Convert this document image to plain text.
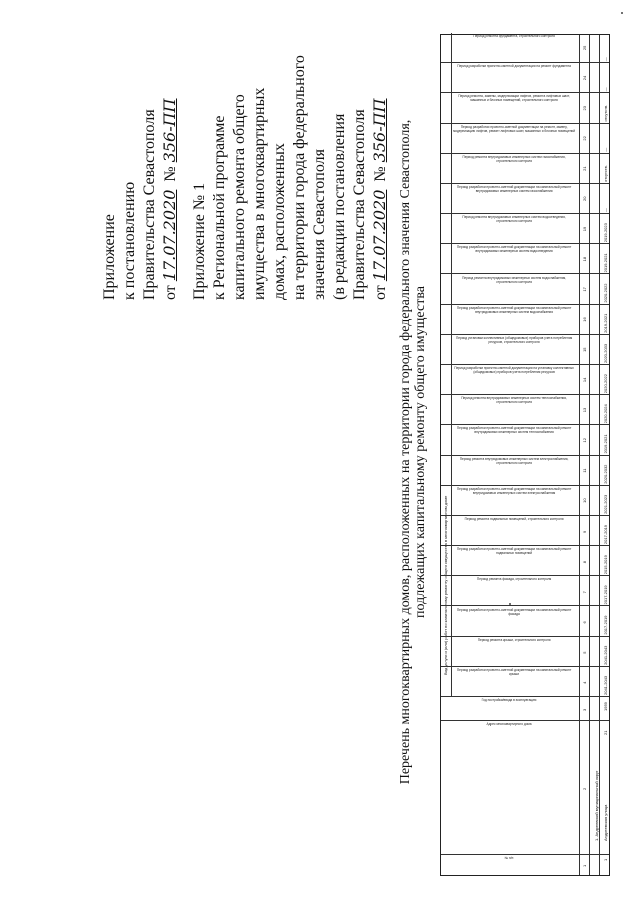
Приложение к постановлению Правительства Севастополя от 17.07.2020  № 356-ПП
Приложение № 1 к Региональной программе капитального ремонта общего имущества в многоквартирных домах, расположенных на территории города федерального значения Севастополя (в редакции постановления Правительства Севастополя от 17.07.2020  № 356-ПП Перечень многоквартирных домов, расположенных на территории города федерального значения Севастополя, подлежащих капитальному ремонту общего имущества	Вид услуги и (или) работ по капитальному ремонту общего имущества в многоквартирном доме
1. Андреевский муниципальный округ
1
Андреевская улица
21
1959
№ п/п
Адрес многоквартирного дома
Год постройки/ввода в эксплуатацию
Период разработки проектно-сметной документации на капитальный ремонт крыши
Период ремонта крыши, строительного контроля
Период разработки проектно-сметной документации на капитальный ремонт фасада
Период ремонта фасада, строительного контроля
Период разработки проектно-сметной документации на капитальный ремонт подвальных помещений
Период ремонта подвальных помещений, строительного контроля
Период разработки проектно-сметной документации на капитальный ремонт внутридомовых инженерных систем электроснабжения
Период ремонта внутридомовых инженерных систем электроснабжения, строительного контроля
Период разработки проектно-сметной документации на капитальный ремонт внутридомовых инженерных систем теплоснабжения
Период ремонта внутридомовых инженерных систем теплоснабжения, строительного контроля
Период разработки проектно-сметной документации на установку коллективных (общедомовых) приборов учета потребления ресурсов
Период установки коллективных (общедомовых) приборов учета потребления ресурсов, строительного контроля
Период разработки проектно-сметной документации на капитальный ремонт внутридомовых инженерных систем водоснабжения
Период ремонта внутридомовых инженерных систем водоснабжения, строительного контроля
Период разработки проектно-сметной документации на капитальный ремонт внутридомовых инженерных систем водоотведения
Период ремонта внутридомовых инженерных систем водоотведения, строительного контроля
Период разработки проектно-сметной документации на капитальный ремонт внутридомовых инженерных систем газоснабжения
Период ремонта внутридомовых инженерных систем газоснабжения, строительного контроля
Период разработки проектно-сметной документации на ремонт, замену, модернизацию лифтов, ремонт лифтовых шахт, машинных и блочных помещений
Период ремонта, замены, модернизации лифтов, ремонта лифтовых шахт, машинных и блочных помещений, строительного контроля
Период разработки проектно-сметной документации на ремонт фундамента
Период ремонта фундамента, строительного контроля
1
2
3
4
5
6
7
8
9
10
11
12
13
14
15
16
17
18
19
20
21
22
23
24
25
2041-2043
2041-2043
2017-2019
2017-2019
2015-2019
2017-2019
2021-2023
2020-2032
2019-2021
2020-2024
2020-2022
2020-2033
2019-2021
2020-2022
2019-2021
2019-2023
—
отсутств.
—
отсутств.
—
—
